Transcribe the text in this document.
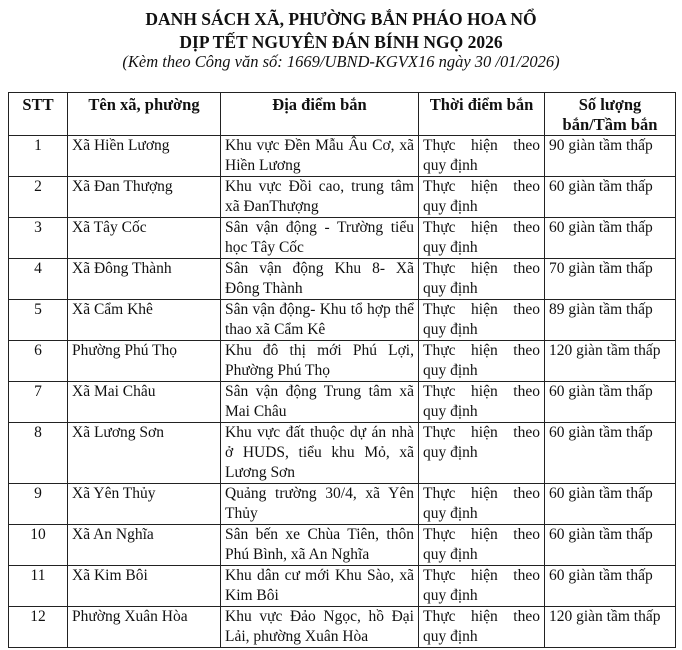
DANH SÁCH XÃ, PHƯỜNG BẮN PHÁO HOA NỔ
DỊP TẾT NGUYÊN ĐÁN BÍNH NGỌ 2026
(Kèm theo Công văn số: 1669/UBND-KGVX16 ngày 30 /01/2026)
STT	Tên xã, phường	Địa điểm bắn	Thời điểm bắn	Số lượng bắn/Tầm bắn
1	Xã Hiền Lương	Khu vực Đền Mẫu Âu Cơ, xã Hiền Lương	Thực hiện theo quy định	90 giàn tầm thấp
2	Xã Đan Thượng	Khu vực Đồi cao, trung tâm xã ĐanThượng	Thực hiện theo quy định	60 giàn tầm thấp
3	Xã Tây Cốc	Sân vận động - Trường tiểu học Tây Cốc	Thực hiện theo quy định	60 giàn tầm thấp
4	Xã Đông Thành	Sân vận động Khu 8- Xã Đông Thành	Thực hiện theo quy định	70 giàn tầm thấp
5	Xã Cẩm Khê	Sân vận động- Khu tổ hợp thể thao xã Cẩm Kê	Thực hiện theo quy định	89 giàn tầm thấp
6	Phường Phú Thọ	Khu đô thị mới Phú Lợi, Phường Phú Thọ	Thực hiện theo quy định	120 giàn tầm thấp
7	Xã Mai Châu	Sân vận động Trung tâm xã Mai Châu	Thực hiện theo quy định	60 giàn tầm thấp
8	Xã Lương Sơn	Khu vực đất thuộc dự án nhà ở HUDS, tiểu khu Mỏ, xã Lương Sơn	Thực hiện theo quy định	60 giàn tầm thấp
9	Xã Yên Thủy	Quảng trường 30/4, xã Yên Thủy	Thực hiện theo quy định	60 giàn tầm thấp
10	Xã An Nghĩa	Sân bến xe Chùa Tiên, thôn Phú Bình, xã An Nghĩa	Thực hiện theo quy định	60 giàn tầm thấp
11	Xã Kim Bôi	Khu dân cư mới Khu Sào, xã Kim Bôi	Thực hiện theo quy định	60 giàn tầm thấp
12	Phường Xuân Hòa	Khu vực Đảo Ngọc, hồ Đại Lải, phường Xuân Hòa	Thực hiện theo quy định	120 giàn tầm thấp
